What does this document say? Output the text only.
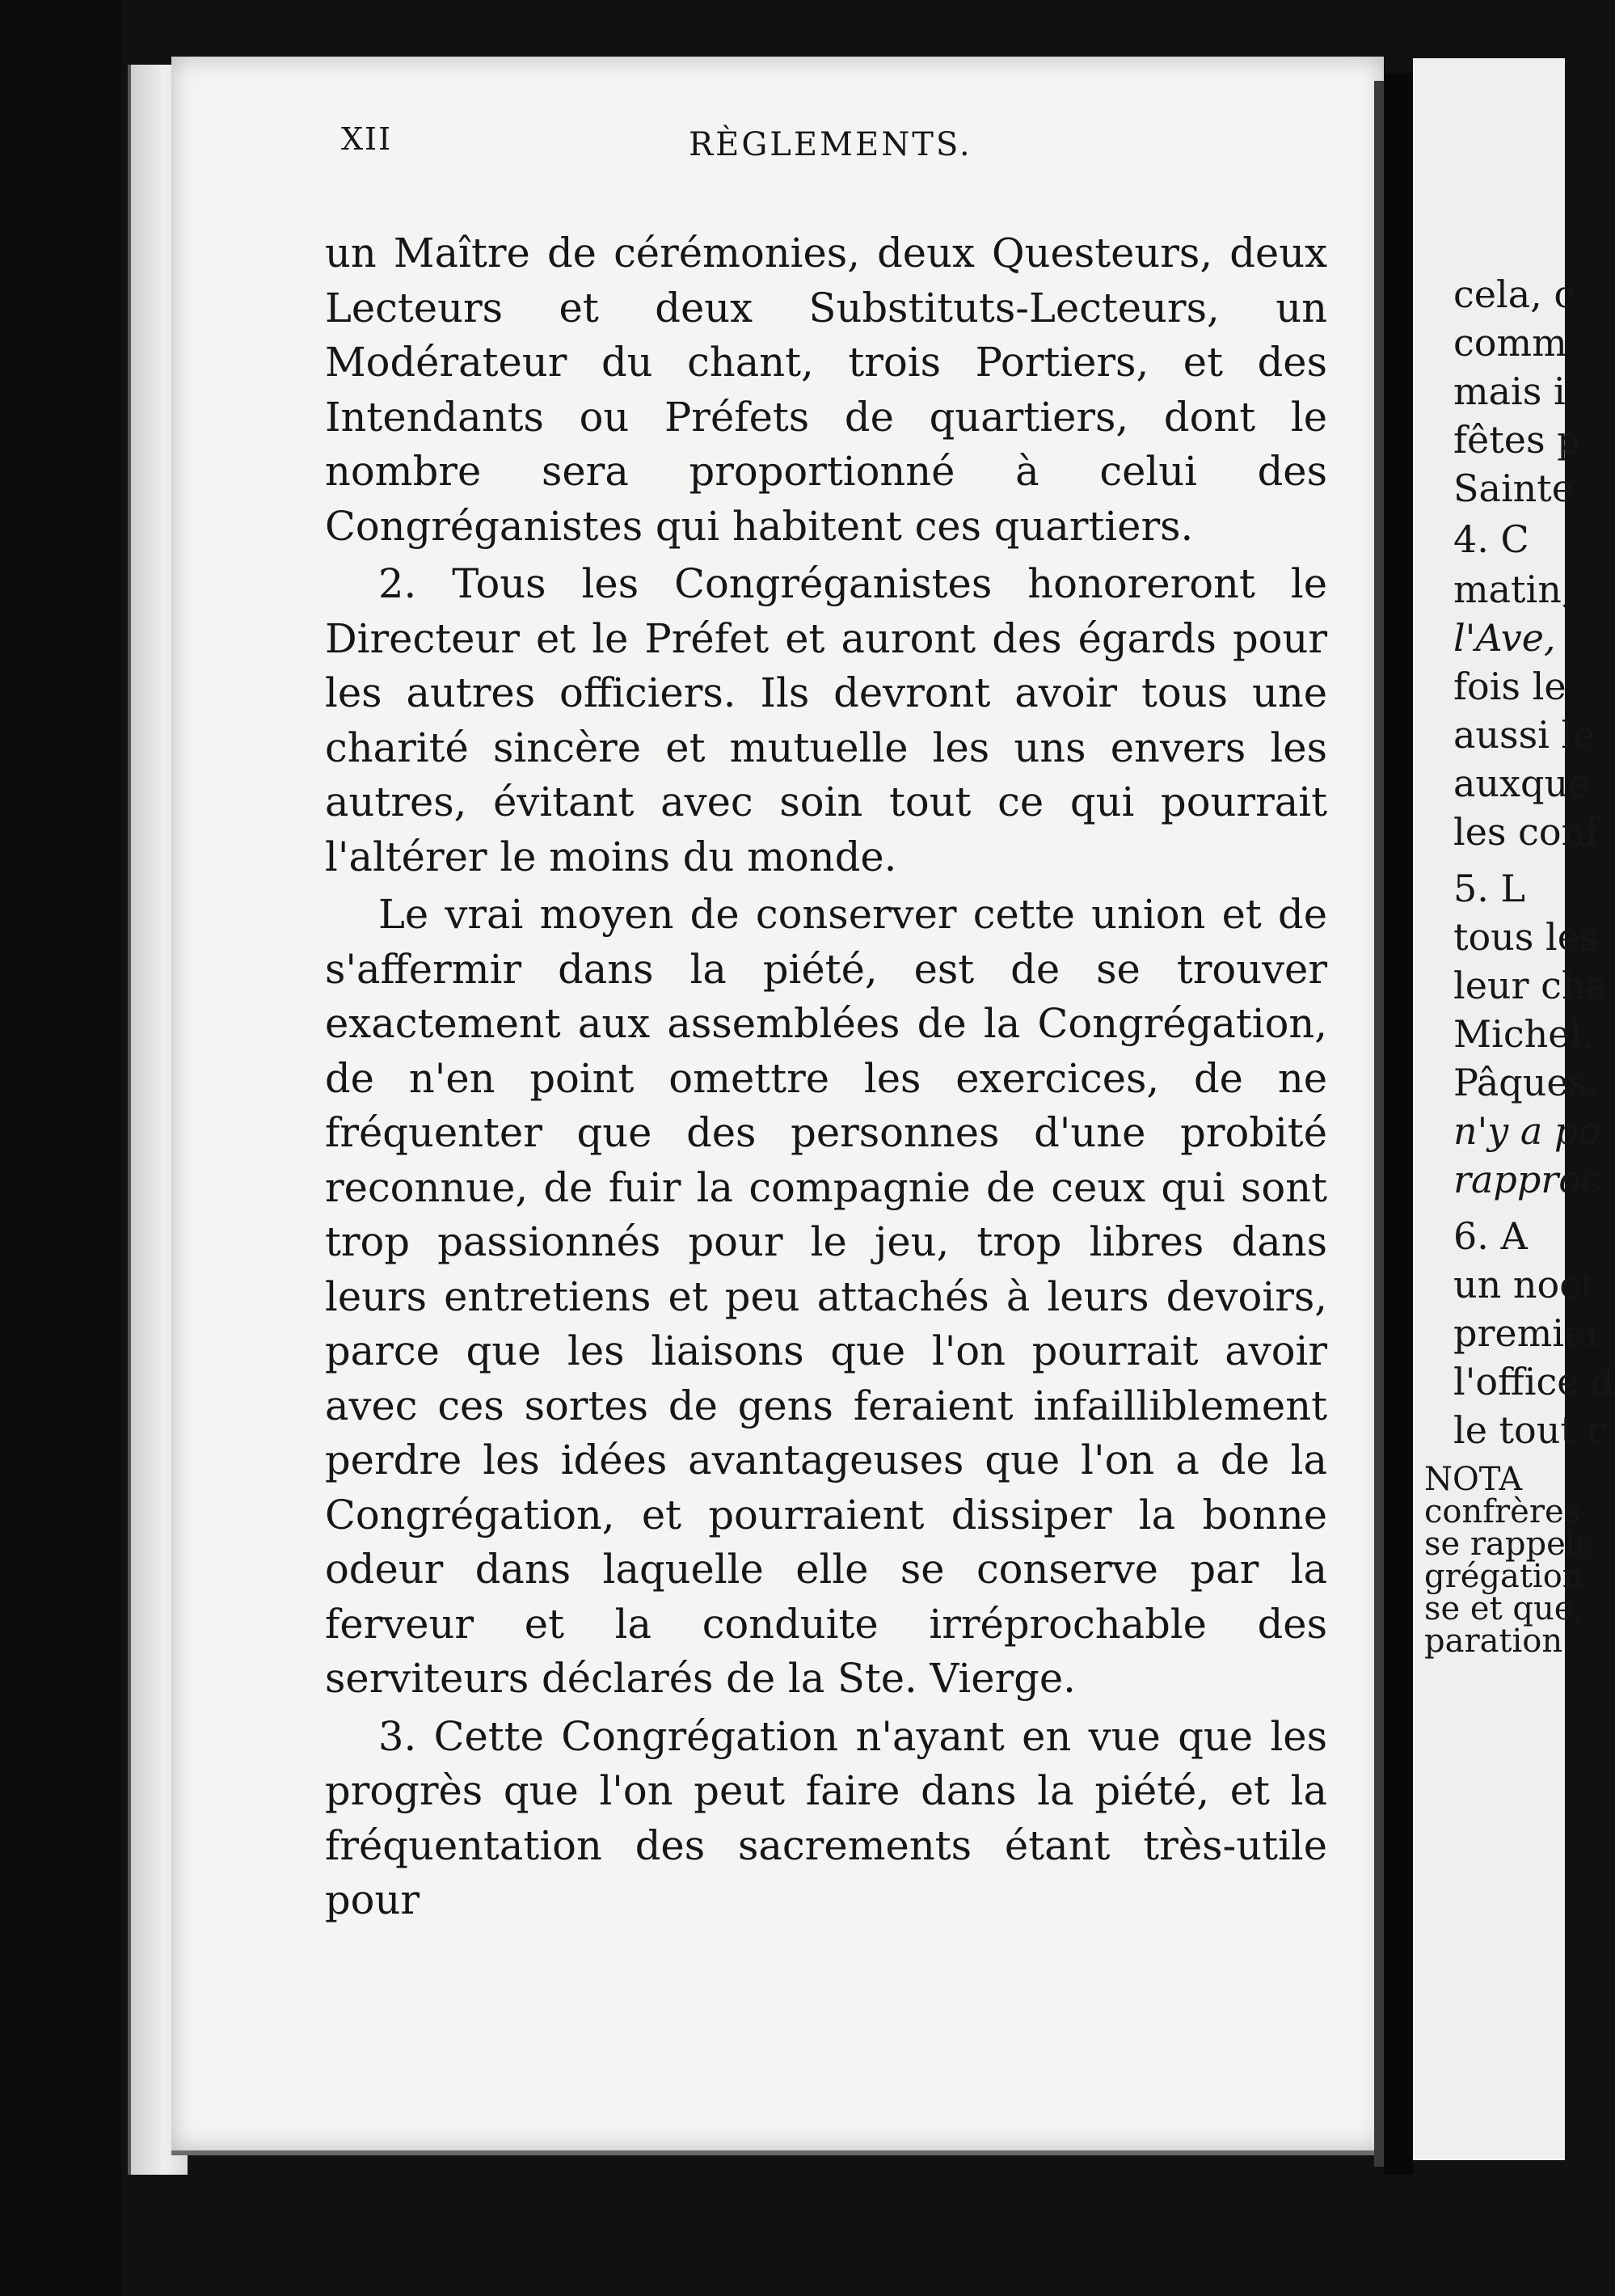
XII	RÈGLEMENTS.

un Maître de cérémonies, deux Questeurs, deux Lecteurs et deux Substituts-Lecteurs, un Modérateur du chant, trois Portiers, et des Intendants ou Préfets de quartiers, dont le nombre sera proportionné à celui des Congréganistes qui habitent ces quartiers.

2. Tous les Congréganistes honoreront le Directeur et le Préfet et auront des égards pour les autres officiers. Ils devront avoir tous une charité sincère et mutuelle les uns envers les autres, évitant avec soin tout ce qui pourrait l'altérer le moins du monde.

Le vrai moyen de conserver cette union et de s'affermir dans la piété, est de se trouver exactement aux assemblées de la Congrégation, de n'en point omettre les exercices, de ne fréquenter que des personnes d'une probité reconnue, de fuir la compagnie de ceux qui sont trop passionnés pour le jeu, trop libres dans leurs entretiens et peu attachés à leurs devoirs, parce que les liaisons que l'on pourrait avoir avec ces sortes de gens feraient infailliblement perdre les idées avantageuses que l'on a de la Congrégation, et pourraient dissiper la bonne odeur dans laquelle elle se conserve par la ferveur et la conduite irréprochable des serviteurs déclarés de la Ste. Vierge.

3. Cette Congrégation n'ayant en vue que les progrès que l'on peut faire dans la piété, et la fréquentation des sacrements étant très-utile pour

cela, c
comm
mais i
fêtes p
Sainte
4. C
matin,
l'Ave,
fois le
aussi le
auxque
les conf
5. L
tous les
leur cha
Michel,
Pâques.
n'y a po
rapproc
6. A
un noct
premier
l'office d
le tout c
NOTA
confrères
se rappele
grégation
se et que,
paration.
